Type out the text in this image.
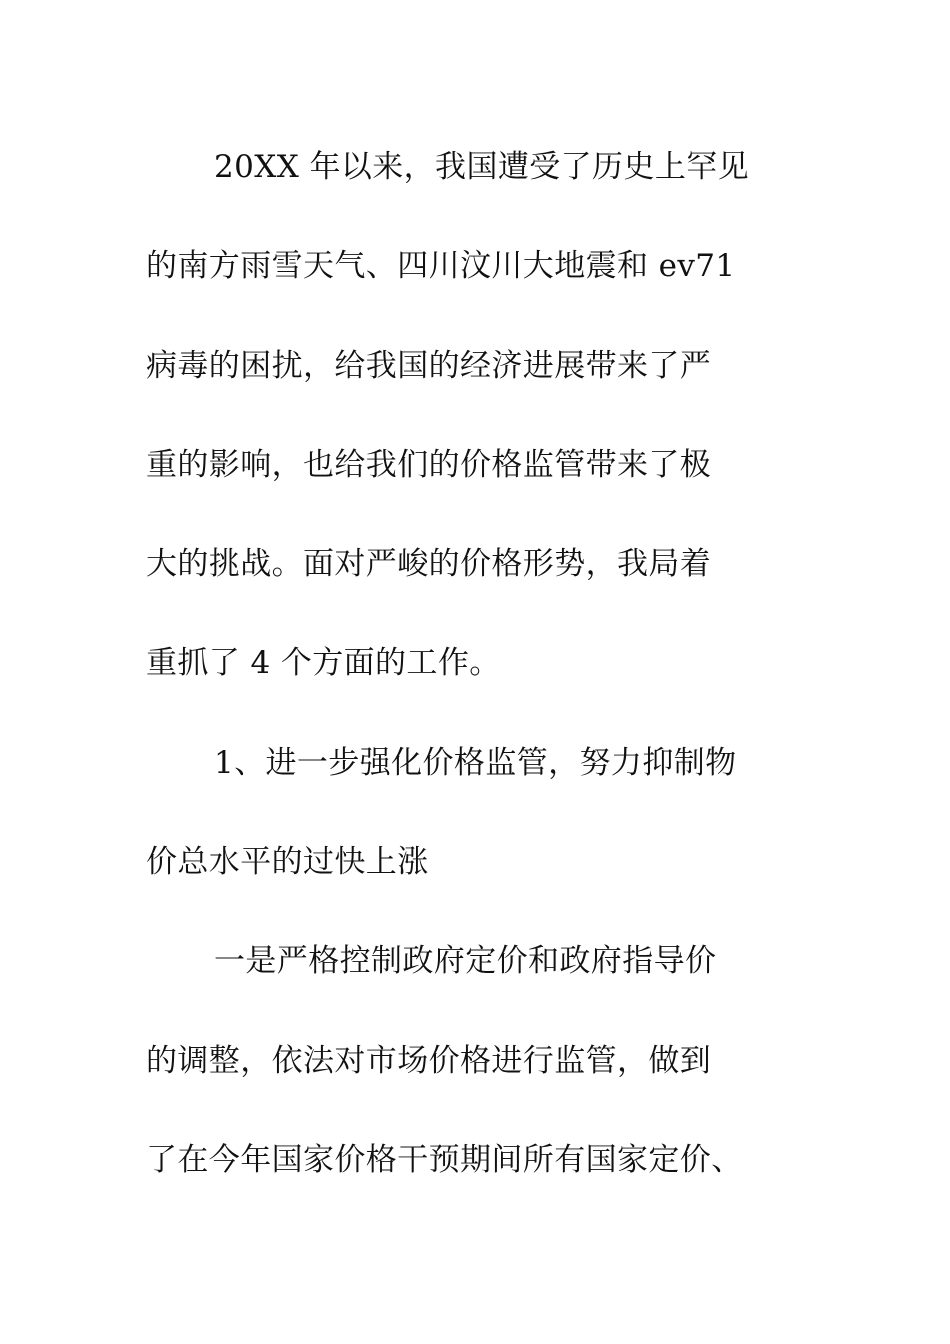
20XX 年以来，我国遭受了历史上罕见
的南方雨雪天气、四川汶川大地震和 ev71
病毒的困扰，给我国的经济进展带来了严
重的影响，也给我们的价格监管带来了极
大的挑战。面对严峻的价格形势，我局着
重抓了 4 个方面的工作。
1、进一步强化价格监管，努力抑制物
价总水平的过快上涨
一是严格控制政府定价和政府指导价
的调整，依法对市场价格进行监管，做到
了在今年国家价格干预期间所有国家定价、
